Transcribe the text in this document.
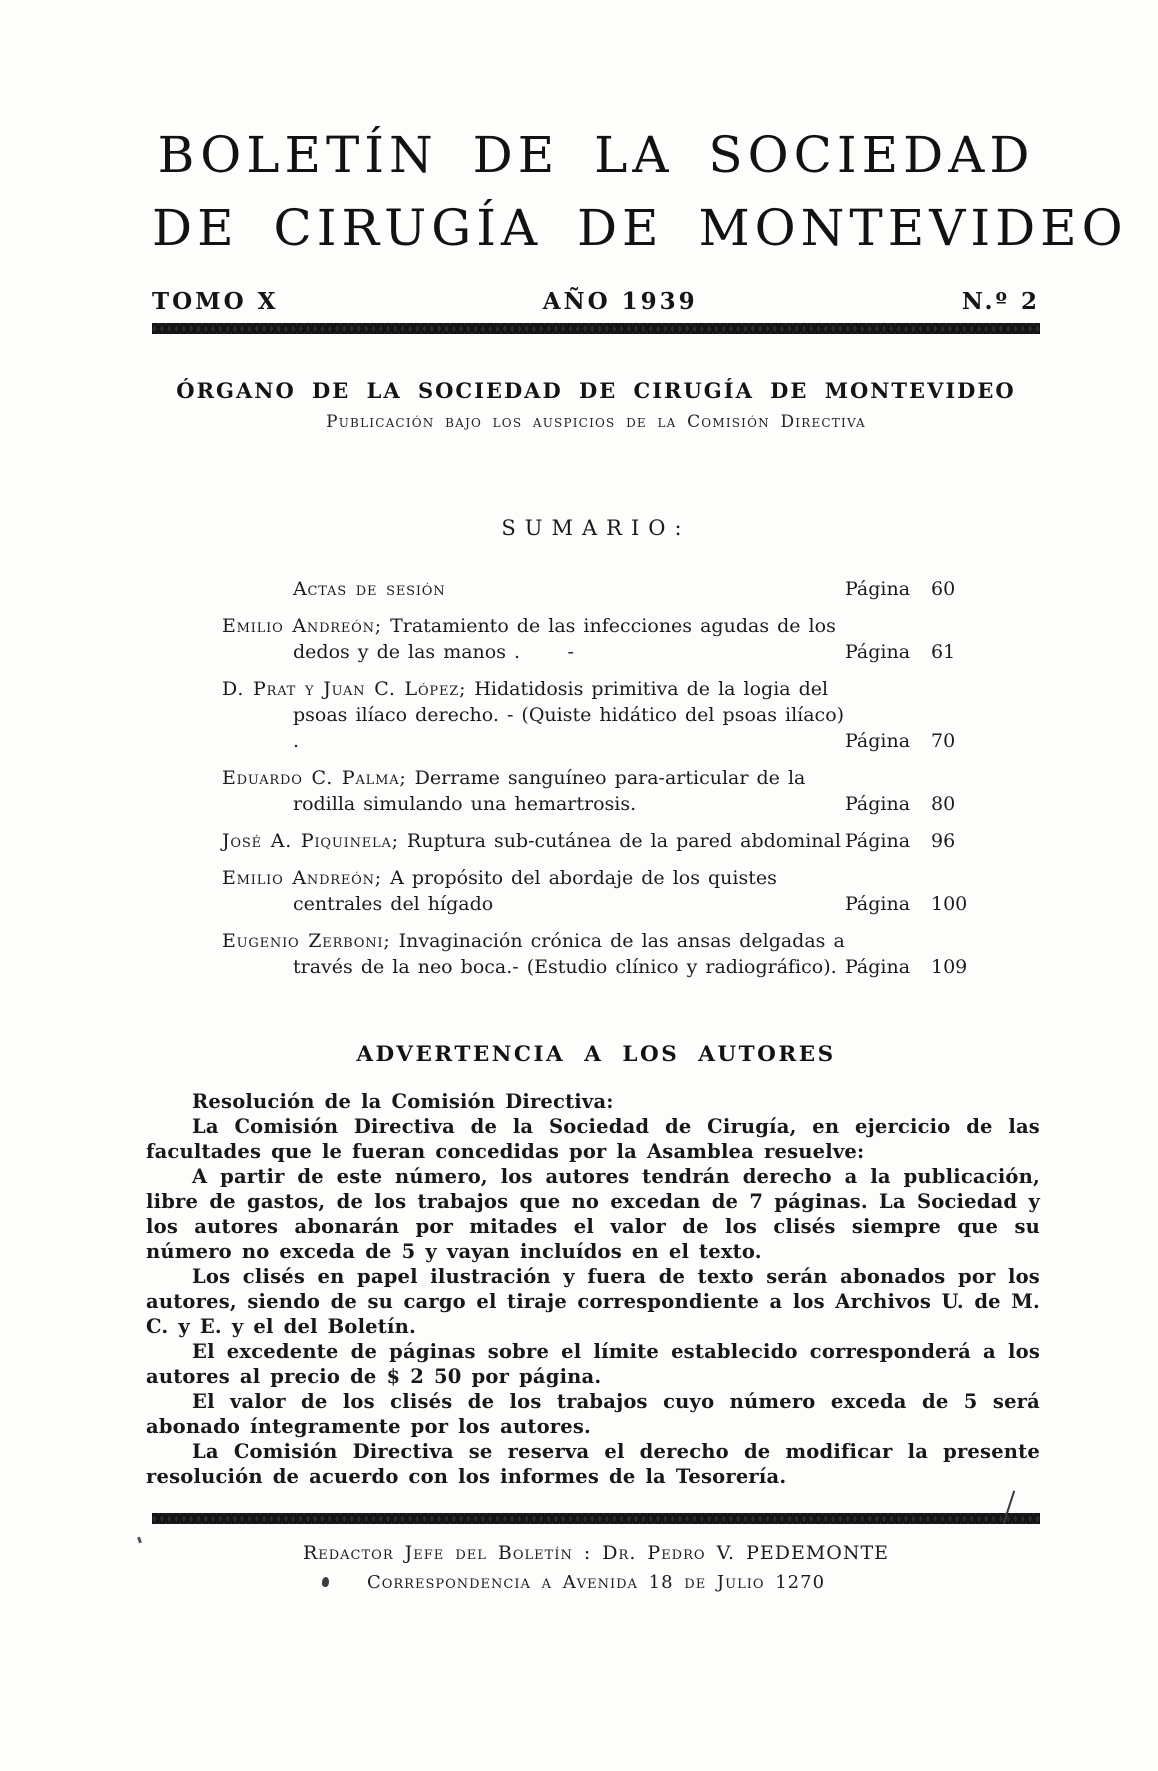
BOLETÍN DE LA SOCIEDAD
DE CIRUGÍA DE MONTEVIDEO
TOMO X	AÑO 1939	N.º 2
ÓRGANO DE LA SOCIEDAD DE CIRUGÍA DE MONTEVIDEO
Publicación bajo los auspicios de la Comisión Directiva
SUMARIO:

Actas de sesión	Página 60

Emilio Andreón; Tratamiento de las infecciones agudas de los dedos y de las manos .     -	Página 61

D. Prat y Juan C. López; Hidatidosis primitiva de la logia del psoas ilíaco derecho. - (Quiste hidático del psoas ilíaco) .	Página 70

Eduardo C. Palma; Derrame sanguíneo para-articular de la rodilla simulando una hemartrosis.	Página 80

José A. Piquinela; Ruptura sub-cutánea de la pared abdominal Página 96

Emilio Andreón; A propósito del abordaje de los quistes centrales del hígado	Página 100

Eugenio Zerboni; Invaginación crónica de las ansas delgadas a través de la neo boca.- (Estudio clínico y radiográfico). Página 109
ADVERTENCIA A LOS AUTORES

Resolución de la Comisión Directiva:

La Comisión Directiva de la Sociedad de Cirugía, en ejercicio de las facultades que le fueran concedidas por la Asamblea resuelve:

A partir de este número, los autores tendrán derecho a la publicación, libre de gastos, de los trabajos que no excedan de 7 páginas. La Sociedad y los autores abonarán por mitades el valor de los clisés siempre que su número no exceda de 5 y vayan incluídos en el texto.

Los clisés en papel ilustración y fuera de texto serán abonados por los autores, siendo de su cargo el tiraje correspondiente a los Archivos U. de M. C. y E. y el del Boletín.

El excedente de páginas sobre el límite establecido corresponderá a los autores al precio de $ 2 50 por página.

El valor de los clisés de los trabajos cuyo número exceda de 5 será abonado íntegramente por los autores.

La Comisión Directiva se reserva el derecho de modificar la presente resolución de acuerdo con los informes de la Tesorería.

Redactor Jefe del Boletín : Dr. Pedro V. PEDEMONTE
Correspondencia a Avenida 18 de Julio 1270
